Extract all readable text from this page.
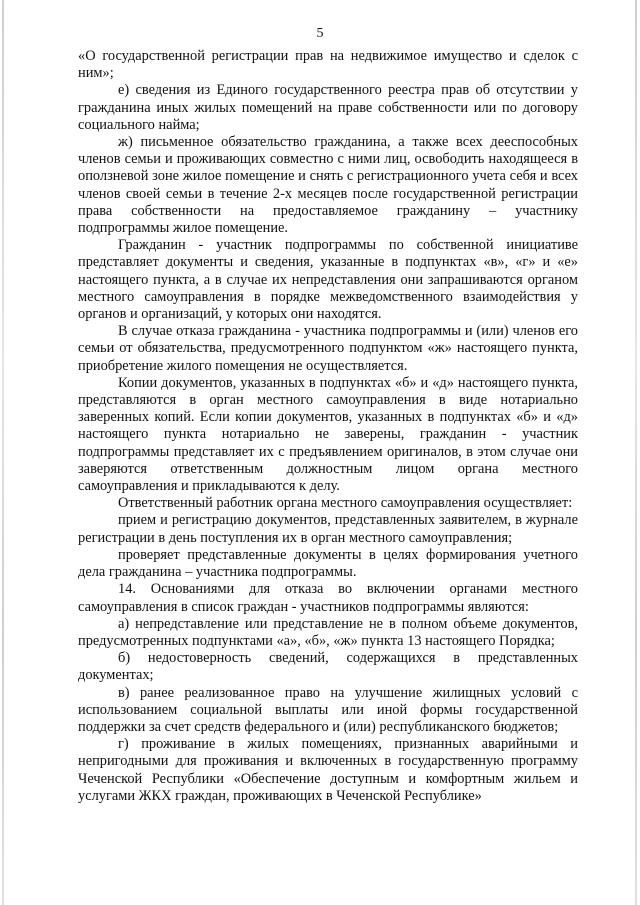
5

«О государственной регистрации прав на недвижимое имущество и сделок с ним»;

е) сведения из Единого государственного реестра прав об отсутствии у гражданина иных жилых помещений на праве собственности или по договору социального найма;

ж) письменное обязательство гражданина, а также всех дееспособных членов семьи и проживающих совместно с ними лиц, освободить находящееся в оползневой зоне жилое помещение и снять с регистрационного учета себя и всех членов своей семьи в течение 2-х месяцев после государственной регистрации права собственности на предоставляемое гражданину – участнику подпрограммы жилое помещение.

Гражданин - участник подпрограммы по собственной инициативе представляет документы и сведения, указанные в подпунктах «в», «г» и «е» настоящего пункта, а в случае их непредставления они запрашиваются органом местного самоуправления в порядке межведомственного взаимодействия у органов и организаций, у которых они находятся.

В случае отказа гражданина - участника подпрограммы и (или) членов его семьи от обязательства, предусмотренного подпунктом «ж» настоящего пункта, приобретение жилого помещения не осуществляется.

Копии документов, указанных в подпунктах «б» и «д» настоящего пункта, представляются в орган местного самоуправления в виде нотариально заверенных копий. Если копии документов, указанных в подпунктах «б» и «д» настоящего пункта нотариально не заверены, гражданин - участник подпрограммы представляет их с предъявлением оригиналов, в этом случае они заверяются ответственным должностным лицом органа местного самоуправления и прикладываются к делу.

Ответственный работник органа местного самоуправления осуществляет:

прием и регистрацию документов, представленных заявителем, в журнале регистрации в день поступления их в орган местного самоуправления;

проверяет представленные документы в целях формирования учетного дела гражданина – участника подпрограммы.

14. Основаниями для отказа во включении органами местного самоуправления в список граждан - участников подпрограммы являются:

а) непредставление или представление не в полном объеме документов, предусмотренных подпунктами «а», «б», «ж» пункта 13 настоящего Порядка;

б) недостоверность сведений, содержащихся в представленных документах;

в) ранее реализованное право на улучшение жилищных условий с использованием социальной выплаты или иной формы государственной поддержки за счет средств федерального и (или) республиканского бюджетов;

г) проживание в жилых помещениях, признанных аварийными и непригодными для проживания и включенных в государственную программу Чеченской Республики «Обеспечение доступным и комфортным жильем и услугами ЖКХ граждан, проживающих в Чеченской Республике»
